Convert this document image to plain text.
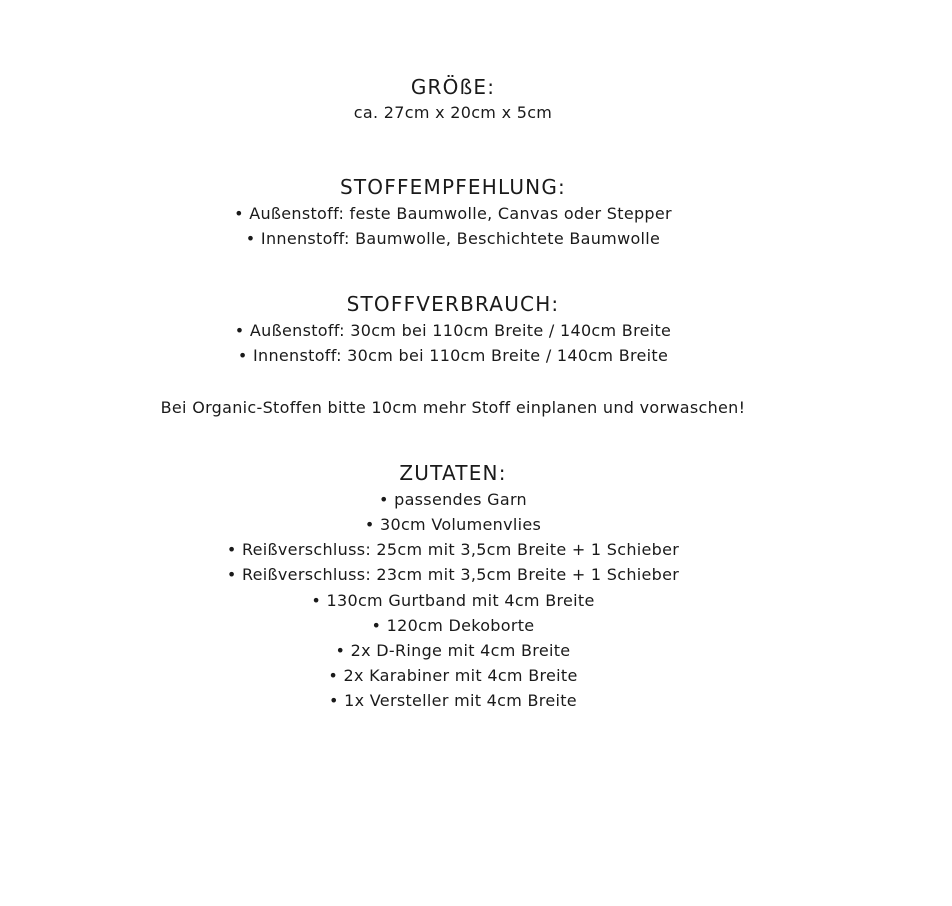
GRÖßE:

ca. 27cm x 20cm x 5cm

STOFFEMPFEHLUNG:

• Außenstoff: feste Baumwolle, Canvas oder Stepper

• Innenstoff: Baumwolle, Beschichtete Baumwolle

STOFFVERBRAUCH:

• Außenstoff: 30cm bei 110cm Breite / 140cm Breite

• Innenstoff: 30cm bei 110cm Breite / 140cm Breite

Bei Organic-Stoffen bitte 10cm mehr Stoff einplanen und vorwaschen!

ZUTATEN:

• passendes Garn

• 30cm Volumenvlies

• Reißverschluss: 25cm mit 3,5cm Breite + 1 Schieber

• Reißverschluss: 23cm mit 3,5cm Breite + 1 Schieber

• 130cm Gurtband mit 4cm Breite

• 120cm Dekoborte

• 2x D-Ringe mit 4cm Breite

• 2x Karabiner mit 4cm Breite

• 1x Versteller mit 4cm Breite
